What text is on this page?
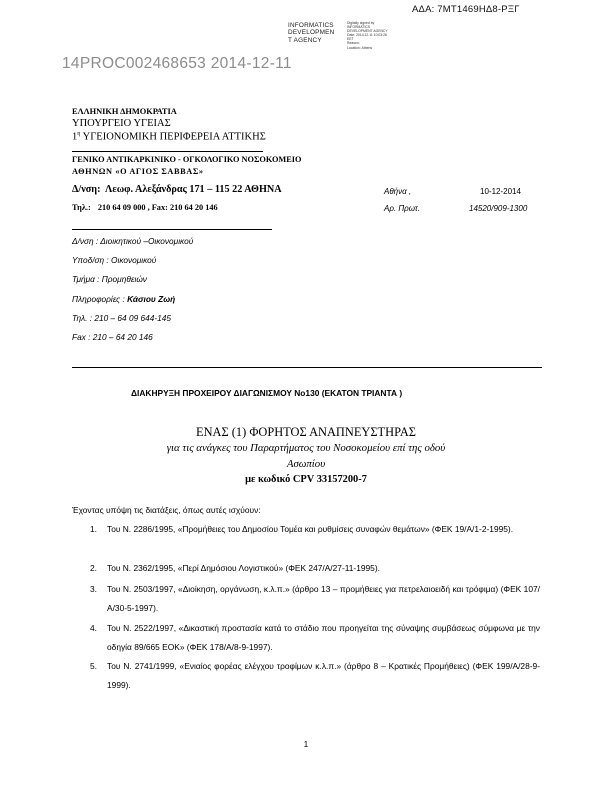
ΑΔΑ: 7ΜΤ1469ΗΔ8-ΡΞΓ
INFORMATICS
DEVELOPMEN
T AGENCY
Digitally signed by
INFORMATICS
DEVELOPMENT AGENCY
Date: 2014.12.11 10:03:26
EET
Reason:
Location: Athens
14PROC002468653 2014-12-11
ΕΛΛΗΝΙΚΗ ΔΗΜΟΚΡΑΤΙΑ
ΥΠΟΥΡΓΕΙΟ ΥΓΕΙΑΣ
$1^\eta$ ΥΓΕΙΟΝΟΜΙΚΗ ΠΕΡΙΦΕΡΕΙΑ ΑΤΤΙΚΗΣ
ΓΕΝΙΚΟ ΑΝΤΙΚΑΡΚΙΝΙΚΟ - ΟΓΚΟΛΟΓΙΚΟ ΝΟΣΟΚΟΜΕΙΟ
ΑΘΗΝΩΝ «Ο ΑΓΙΟΣ ΣΑΒΒΑΣ»
Δ/νση: Λεωφ. Αλεξάνδρας 171 – 115 22 ΑΘΗΝΑ	Αθήνα ,	10-12-2014
Τηλ.: 210 64 09 000 , Fax: 210 64 20 146	Αρ. Πρωτ.	14520/909-1300
Δ/νση : Διοικητικού –Οικονομικού
Υποδ/ση : Οικονομικού
Τμήμα : Προμηθειών
Πληροφορίες : Κάσιου Ζωή
Τηλ. : 210 – 64 09 644-145
Fax : 210 – 64 20 146
ΔΙΑΚΗΡΥΞΗ ΠΡΟΧΕΙΡΟΥ ΔΙΑΓΩΝΙΣΜΟΥ Νο130 (ΕΚΑΤΟΝ ΤΡΙΑΝΤΑ )
ΕΝΑΣ (1) ΦΟΡΗΤΟΣ ΑΝΑΠΝΕΥΣΤΗΡΑΣ
για τις ανάγκες του Παραρτήματος του Νοσοκομείου επί της οδού
Ασωπίου
με κωδικό CPV 33157200-7
Έχοντας υπόψη τις διατάξεις, όπως αυτές ισχύουν:
1. Του Ν. 2286/1995, «Προμήθειες του Δημοσίου Τομέα και ρυθμίσεις συναφών θεμάτων» (ΦΕΚ 19/Α/1-2-1995).
2. Του Ν. 2362/1995, «Περί Δημόσιου Λογιστικού» (ΦΕΚ 247/Α/27-11-1995).
3. Του Ν. 2503/1997, «Διοίκηση, οργάνωση, κ.λ.π.» (άρθρο 13 – προμήθειες για πετρελαιοειδή και τρόφιμα) (ΦΕΚ 107/Α/30-5-1997).
4. Του Ν. 2522/1997, «Δικαστική προστασία κατά το στάδιο που προηγείται της σύναψης συμβάσεως σύμφωνα με την οδηγία 89/665 ΕΟΚ» (ΦΕΚ 178/Α/8-9-1997).
5. Του Ν. 2741/1999, «Ενιαίος φορέας ελέγχου τροφίμων κ.λ.π.» (άρθρο 8 – Κρατικές Προμήθειες) (ΦΕΚ 199/Α/28-9-1999).
1
